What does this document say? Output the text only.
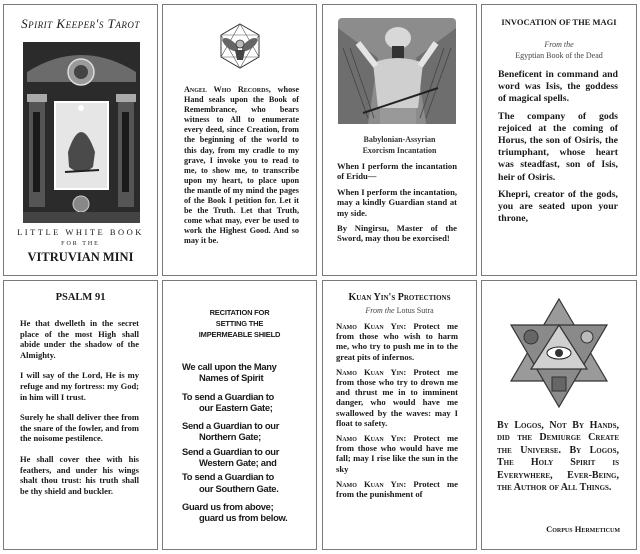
Spirit Keeper's Tarot
LITTLE WHITE BOOK
FOR THE
VITRUVIAN MINI
Angel Who Records, whose Hand seals upon the Book of Remembrance, who bears witness to All to enumerate every deed, since Creation, from the beginning of the world to this day, from my cradle to my grave, I invoke you to read to me, to show me, to transcribe upon my heart, to place upon the mantle of my mind the pages of the Book I petition for. Let it be the Truth. Let that Truth, come what may, ever be used to work the Highest Good. And so may it be.
Babylonian-Assyrian
Exorcism Incantation

When I perform the incantation of Eridu—

When I perform the incantation, may a kindly Guardian stand at my side.

By Ningirsu, Master of the Sword, may thou be exorcised!

INVOCATION OF THE MAGI
From the
Egyptian Book of the Dead

Beneficent in command and word was Isis, the goddess of magical spells.

The company of gods rejoiced at the coming of Horus, the son of Osiris, the triumphant, whose heart was steadfast, son of Isis, heir of Osiris.

Khepri, creator of the gods, you are seated upon your throne,

PSALM 91

He that dwelleth in the secret place of the most High shall abide under the shadow of the Almighty.

I will say of the Lord, He is my refuge and my fortress: my God; in him will I trust.

Surely he shall deliver thee from the snare of the fowler, and from the noisome pestilence.

He shall cover thee with his feathers, and under his wings shalt thou trust: his truth shall be thy shield and buckler.

RECITATION FOR
SETTING THE
IMPERMEABLE SHIELD

We call upon the Many
Names of Spirit

To send a Guardian to
our Eastern Gate;

Send a Guardian to our
Northern Gate;

Send a Guardian to our
Western Gate; and

To send a Guardian to
our Southern Gate.

Guard us from above;
guard us from below.

Kuan Yin's Protections
From the Lotus Sutra

Namo Kuan Yin: Protect me from those who wish to harm me, who try to push me in to the great pits of infernos.

Namo Kuan Yin: Protect me from those who try to drown me and thrust me in to imminent danger, who would have me swallowed by the waves: may I float to safety.

Namo Kuan Yin: Protect me from those who would have me fall; may I rise like the sun in the sky

Namo Kuan Yin: Protect me from the punishment of

By Logos, Not By Hands, did the Demiurge Create the Universe. By Logos, The Holy Spirit is Everywhere, Ever-Being, the Author of All Things.
Corpus Hermeticum
